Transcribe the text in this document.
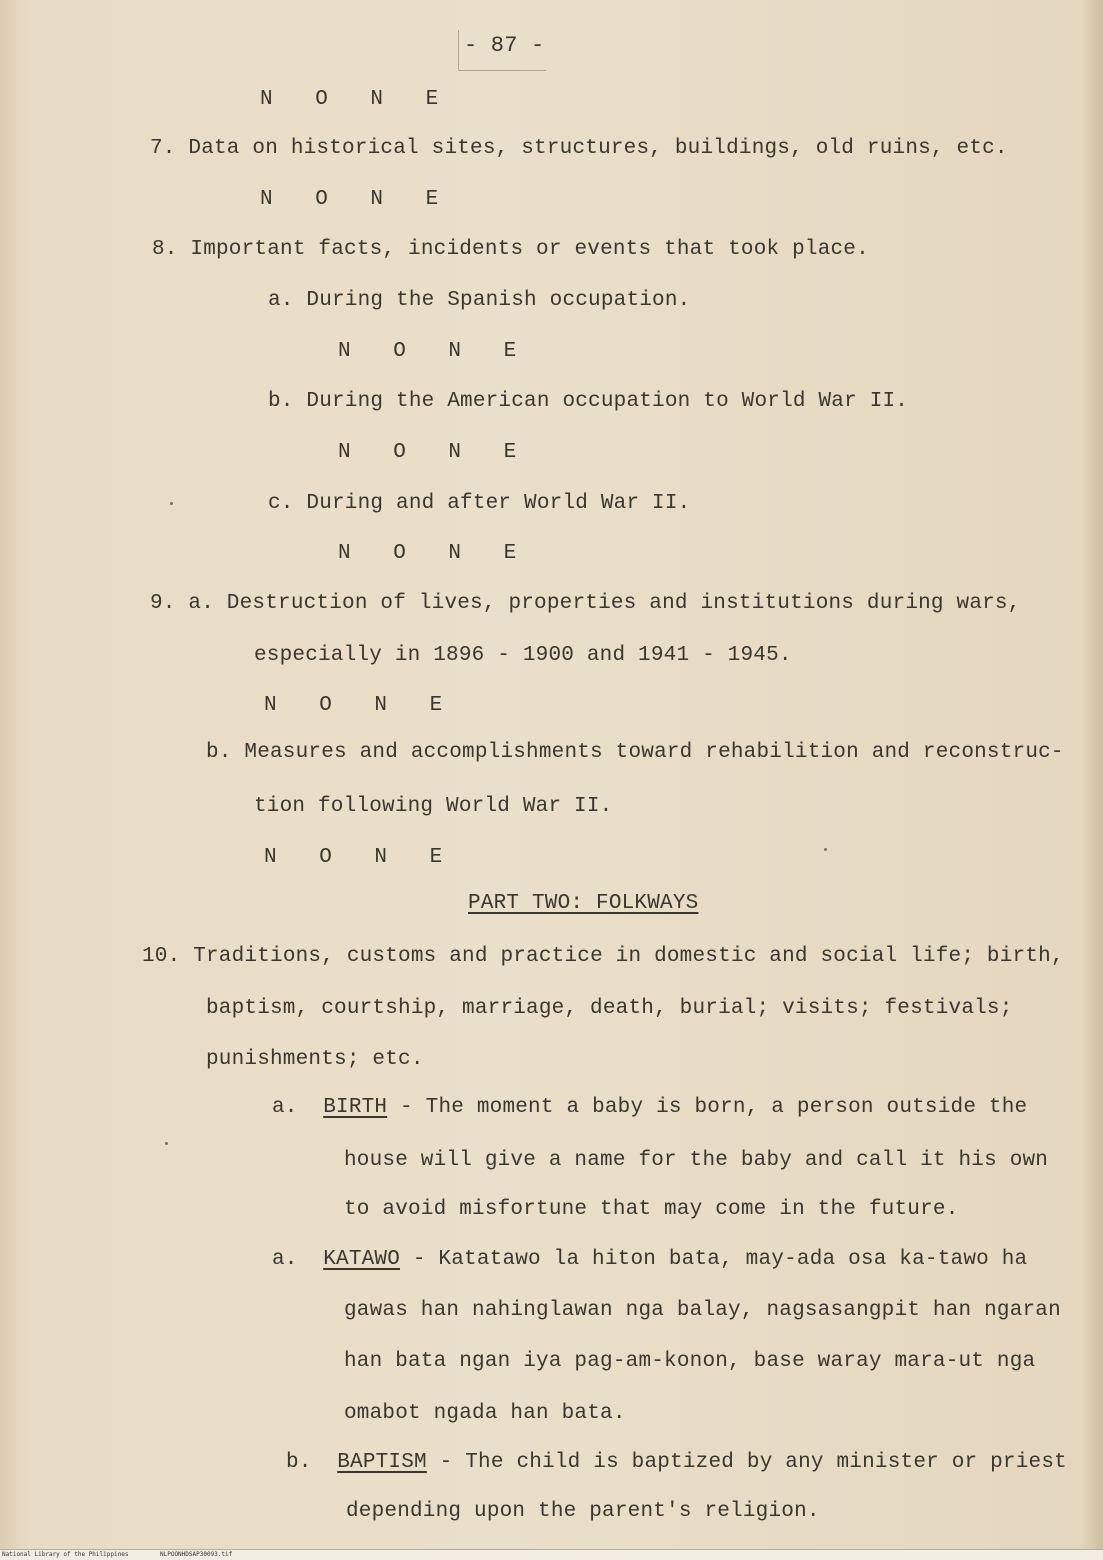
- 87 -
N O N E
7. Data on historical sites, structures, buildings, old ruins, etc.
N O N E
8. Important facts, incidents or events that took place.
a. During the Spanish occupation.
N O N E
b. During the American occupation to World War II.
N O N E
c. During and after World War II.
N O N E
9. a. Destruction of lives, properties and institutions during wars,
especially in 1896 - 1900 and 1941 - 1945.
N O N E
b. Measures and accomplishments toward rehabilition and reconstruc-
tion following World War II.
N O N E
PART TWO: FOLKWAYS
10. Traditions, customs and practice in domestic and social life; birth,
baptism, courtship, marriage, death, burial; visits; festivals;
punishments; etc.
a. BIRTH - The moment a baby is born, a person outside the
house will give a name for the baby and call it his own
to avoid misfortune that may come in the future.
a. KATAWO - Katatawo la hiton bata, may-ada osa ka-tawo ha
gawas han nahinglawan nga balay, nagsasangpit han ngaran
han bata ngan iya pag-am-konon, base waray mara-ut nga
omabot ngada han bata.
b. BAPTISM - The child is baptized by any minister or priest
depending upon the parent's religion.
National Library of the Philippines	NLPOONHDSAP30093.tif
